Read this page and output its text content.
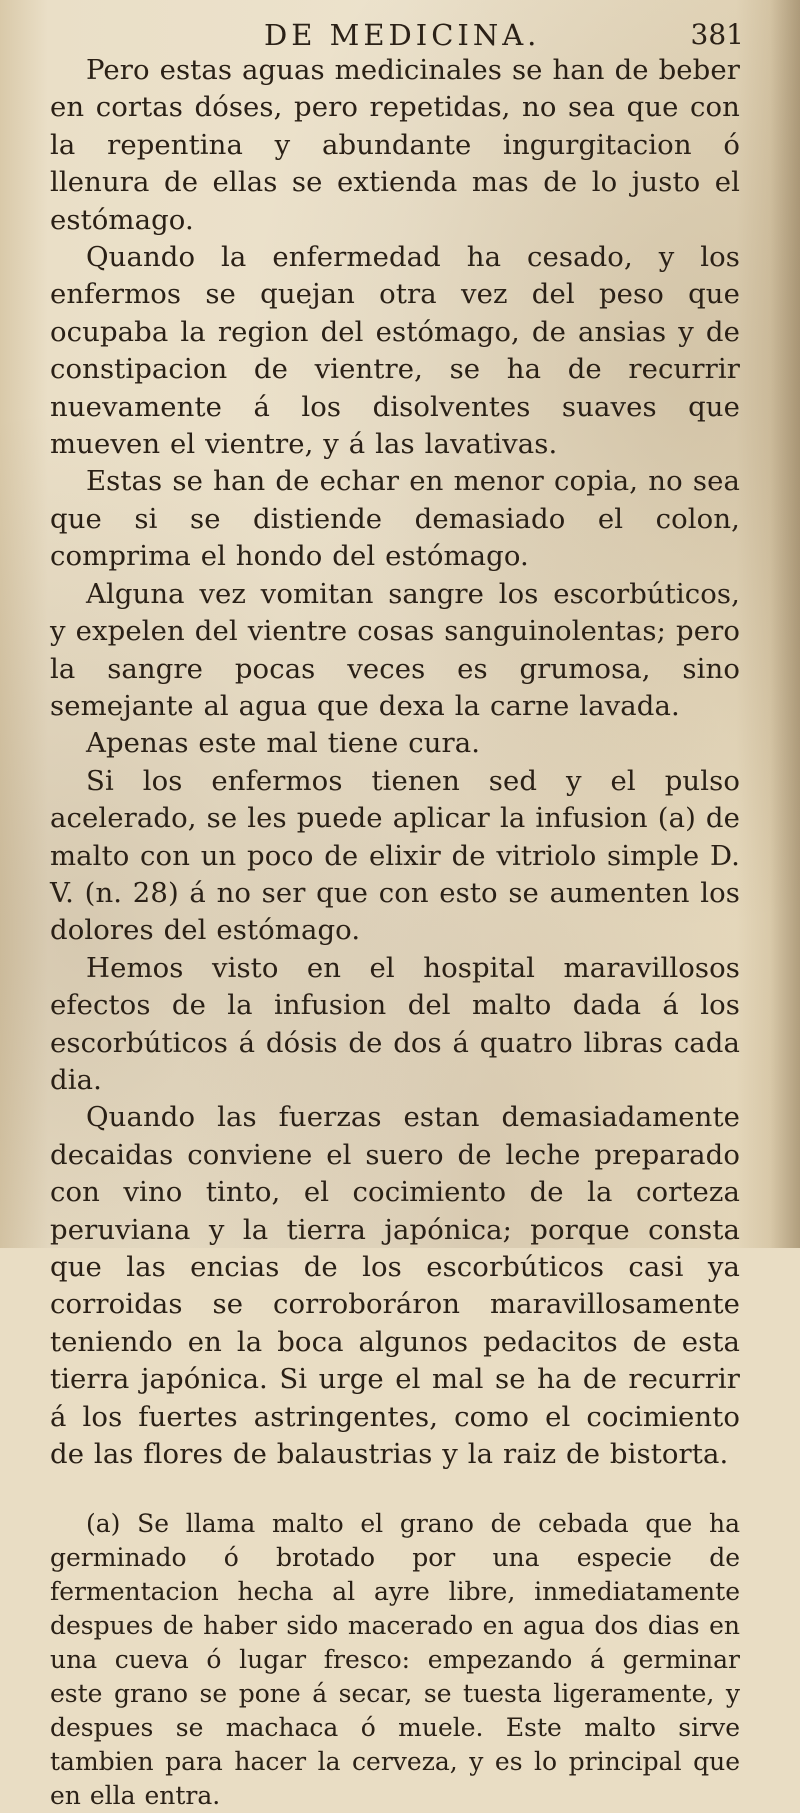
DE MEDICINA.	381

Pero estas aguas medicinales se han de beber en cortas dóses, pero repetidas, no sea que con la repentina y abundante ingurgitacion ó llenura de ellas se extienda mas de lo justo el estómago.

Quando la enfermedad ha cesado, y los enfermos se quejan otra vez del peso que ocupaba la region del estómago, de ansias y de constipacion de vientre, se ha de recurrir nuevamente á los disolventes suaves que mueven el vientre, y á las lavativas.

Estas se han de echar en menor copia, no sea que si se distiende demasiado el colon, comprima el hondo del estómago.

Alguna vez vomitan sangre los escorbúticos, y expelen del vientre cosas sanguinolentas; pero la sangre pocas veces es grumosa, sino semejante al agua que dexa la carne lavada.

Apenas este mal tiene cura.

Si los enfermos tienen sed y el pulso acelerado, se les puede aplicar la infusion (a) de malto con un poco de elixir de vitriolo simple D. V. (n. 28) á no ser que con esto se aumenten los dolores del estómago.

Hemos visto en el hospital maravillosos efectos de la infusion del malto dada á los escorbúticos á dósis de dos á quatro libras cada dia.

Quando las fuerzas estan demasiadamente decaidas conviene el suero de leche preparado con vino tinto, el cocimiento de la corteza peruviana y la tierra japónica; porque consta que las encias de los escorbúticos casi ya corroidas se corroboráron maravillosamente teniendo en la boca algunos pedacitos de esta tierra japónica. Si urge el mal se ha de recurrir á los fuertes astringentes, como el cocimiento de las flores de balaustrias y la raiz de bistorta.

(a) Se llama malto el grano de cebada que ha germinado ó brotado por una especie de fermentacion hecha al ayre libre, inmediatamente despues de haber sido macerado en agua dos dias en una cueva ó lugar fresco: empezando á germinar este grano se pone á secar, se tuesta ligeramente, y despues se machaca ó muele. Este malto sirve tambien para hacer la cerveza, y es lo principal que en ella entra.
